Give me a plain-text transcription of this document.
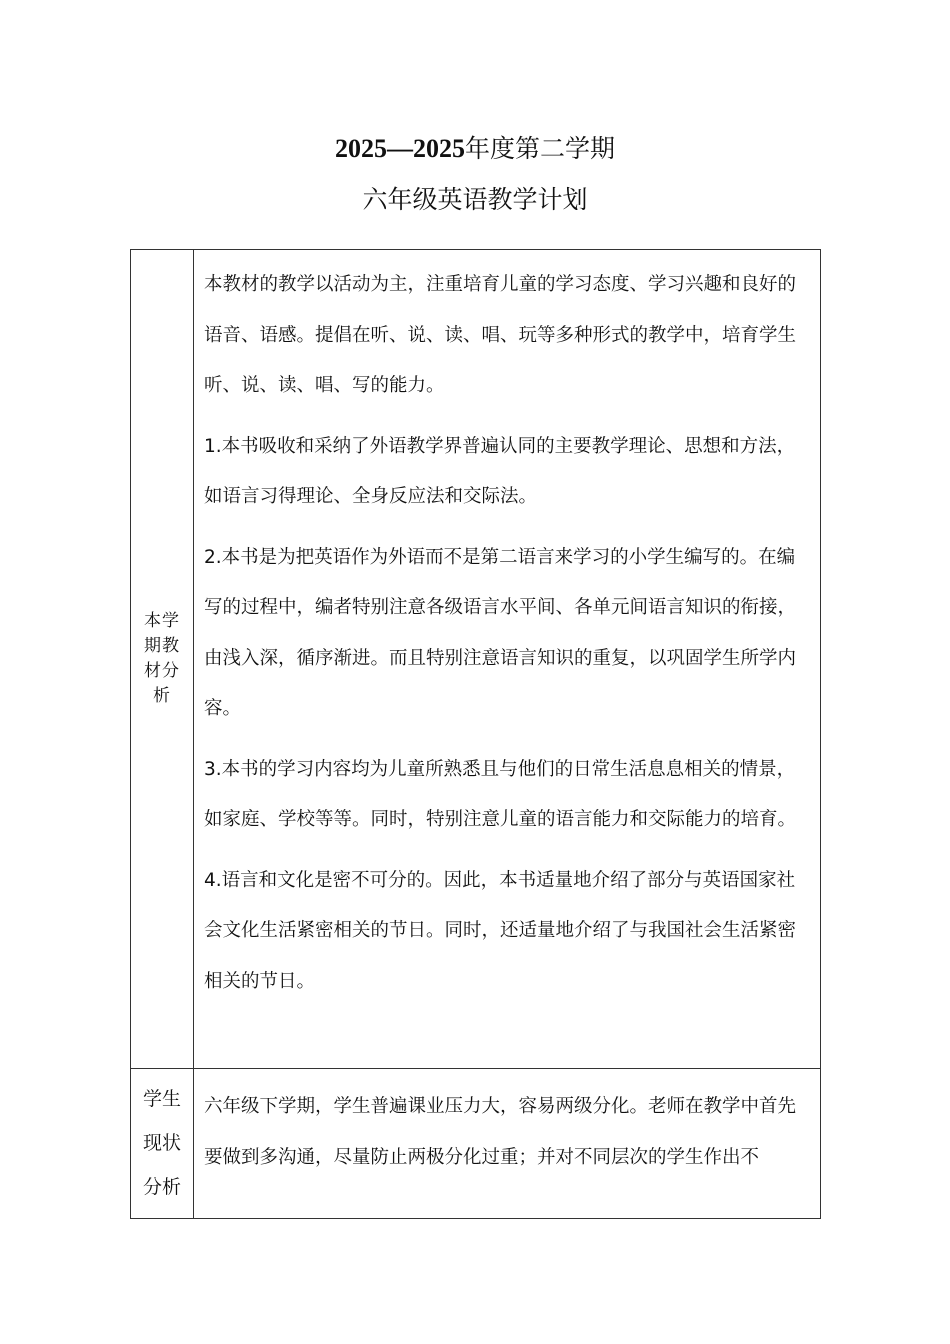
2025—2025年度第二学期
六年级英语教学计划
本学期教材分析	本教材的教学以活动为主，注重培育儿童的学习态度、学习兴趣和良好的语音、语感。提倡在听、说、读、唱、玩等多种形式的教学中，培育学生听、说、读、唱、写的能力。

1.本书吸收和采纳了外语教学界普遍认同的主要教学理论、思想和方法，如语言习得理论、全身反应法和交际法。

2.本书是为把英语作为外语而不是第二语言来学习的小学生编写的。在编写的过程中，编者特别注意各级语言水平间、各单元间语言知识的衔接，由浅入深，循序渐进。而且特别注意语言知识的重复，以巩固学生所学内容。

3.本书的学习内容均为儿童所熟悉且与他们的日常生活息息相关的情景，如家庭、学校等等。同时，特别注意儿童的语言能力和交际能力的培育。

4.语言和文化是密不可分的。因此，本书适量地介绍了部分与英语国家社会文化生活紧密相关的节日。同时，还适量地介绍了与我国社会生活紧密相关的节日。

学生现状分析	六年级下学期，学生普遍课业压力大，容易两级分化。老师在教学中首先要做到多沟通，尽量防止两极分化过重；并对不同层次的学生作出不
